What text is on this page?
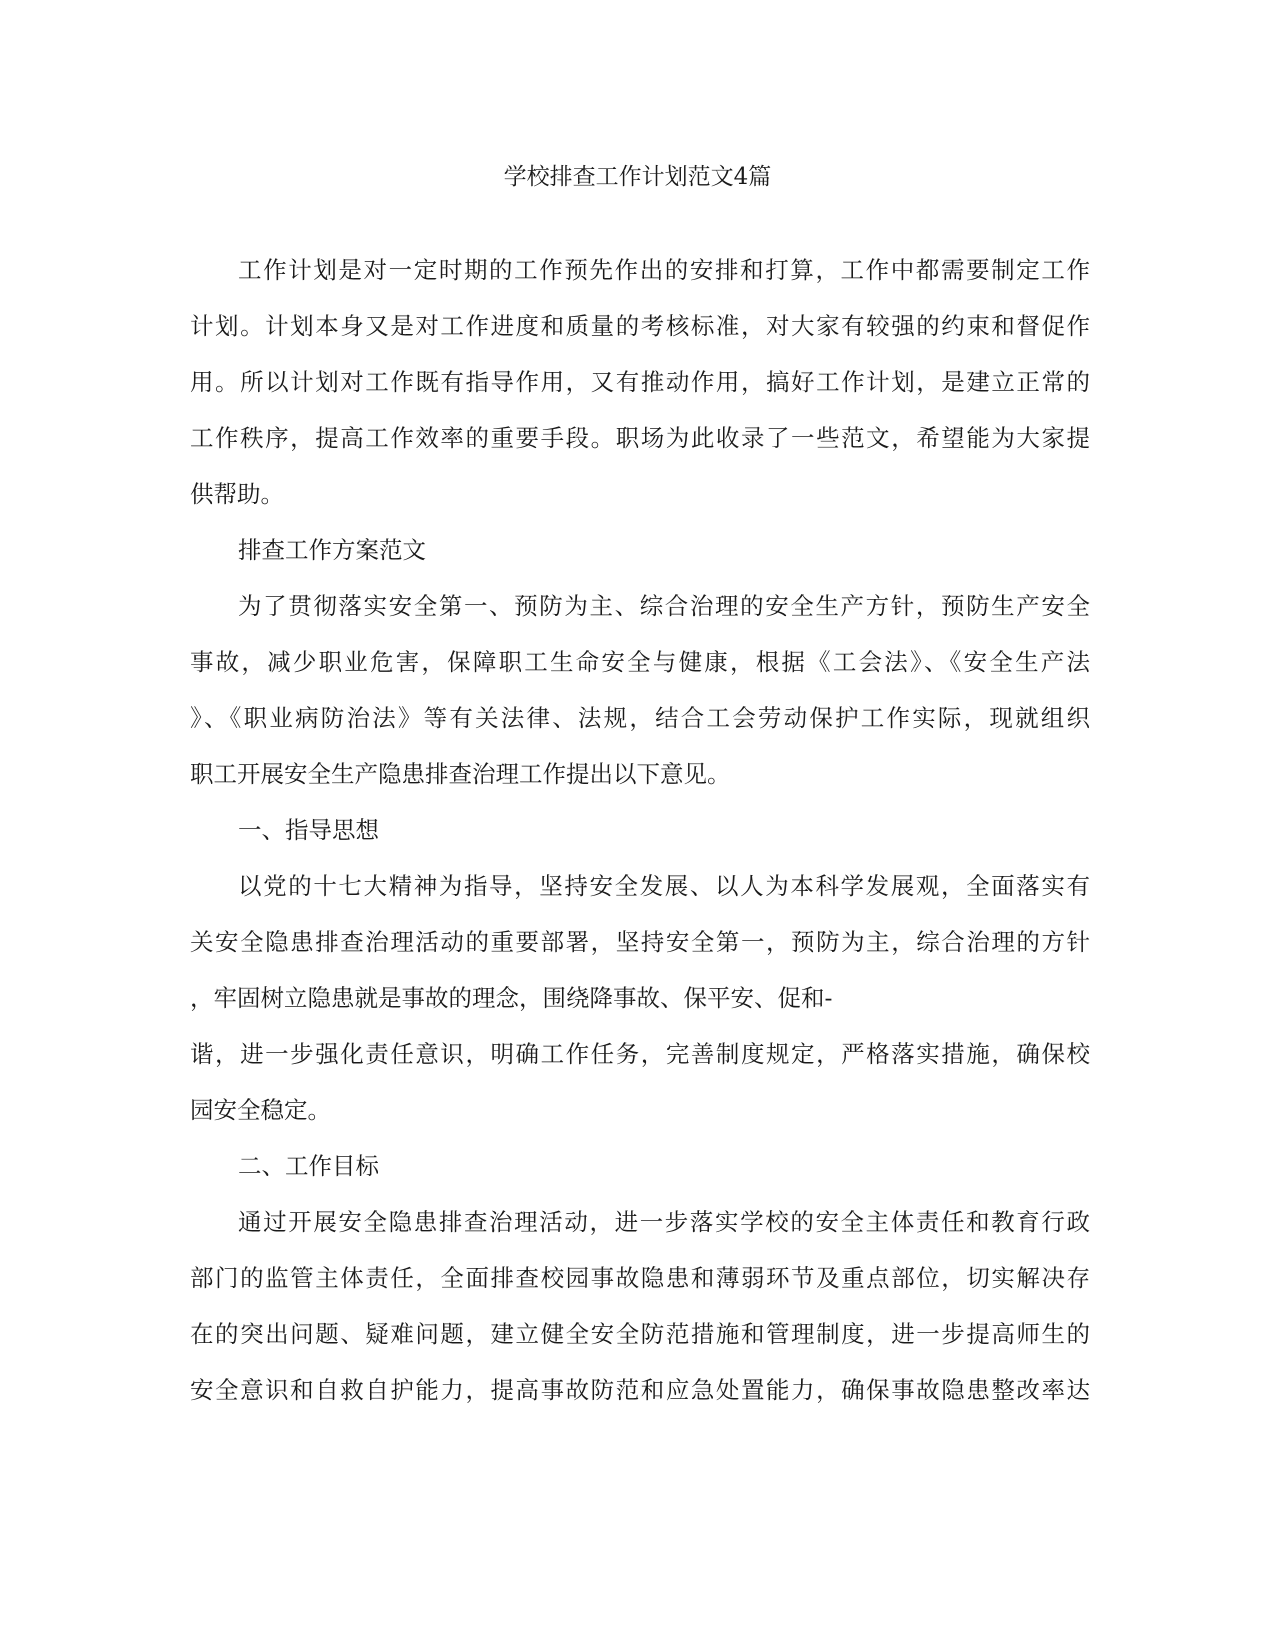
学校排查工作计划范文4篇

工作计划是对一定时期的工作预先作出的安排和打算，工作中都需要制定工作

计划。计划本身又是对工作进度和质量的考核标准，对大家有较强的约束和督促作

用。所以计划对工作既有指导作用，又有推动作用，搞好工作计划，是建立正常的

工作秩序，提高工作效率的重要手段。职场为此收录了一些范文，希望能为大家提

供帮助。

排查工作方案范文

为了贯彻落实安全第一、预防为主、综合治理的安全生产方针，预防生产安全

事故，减少职业危害，保障职工生命安全与健康，根据《工会法》、《安全生产法

》、《职业病防治法》等有关法律、法规，结合工会劳动保护工作实际，现就组织

职工开展安全生产隐患排查治理工作提出以下意见。

一、指导思想

以党的十七大精神为指导，坚持安全发展、以人为本科学发展观，全面落实有

关安全隐患排查治理活动的重要部署，坚持安全第一，预防为主，综合治理的方针

，牢固树立隐患就是事故的理念，围绕降事故、保平安、促和-

谐，进一步强化责任意识，明确工作任务，完善制度规定，严格落实措施，确保校

园安全稳定。

二、工作目标

通过开展安全隐患排查治理活动，进一步落实学校的安全主体责任和教育行政

部门的监管主体责任，全面排查校园事故隐患和薄弱环节及重点部位，切实解决存

在的突出问题、疑难问题，建立健全安全防范措施和管理制度，进一步提高师生的

安全意识和自救自护能力，提高事故防范和应急处置能力，确保事故隐患整改率达
